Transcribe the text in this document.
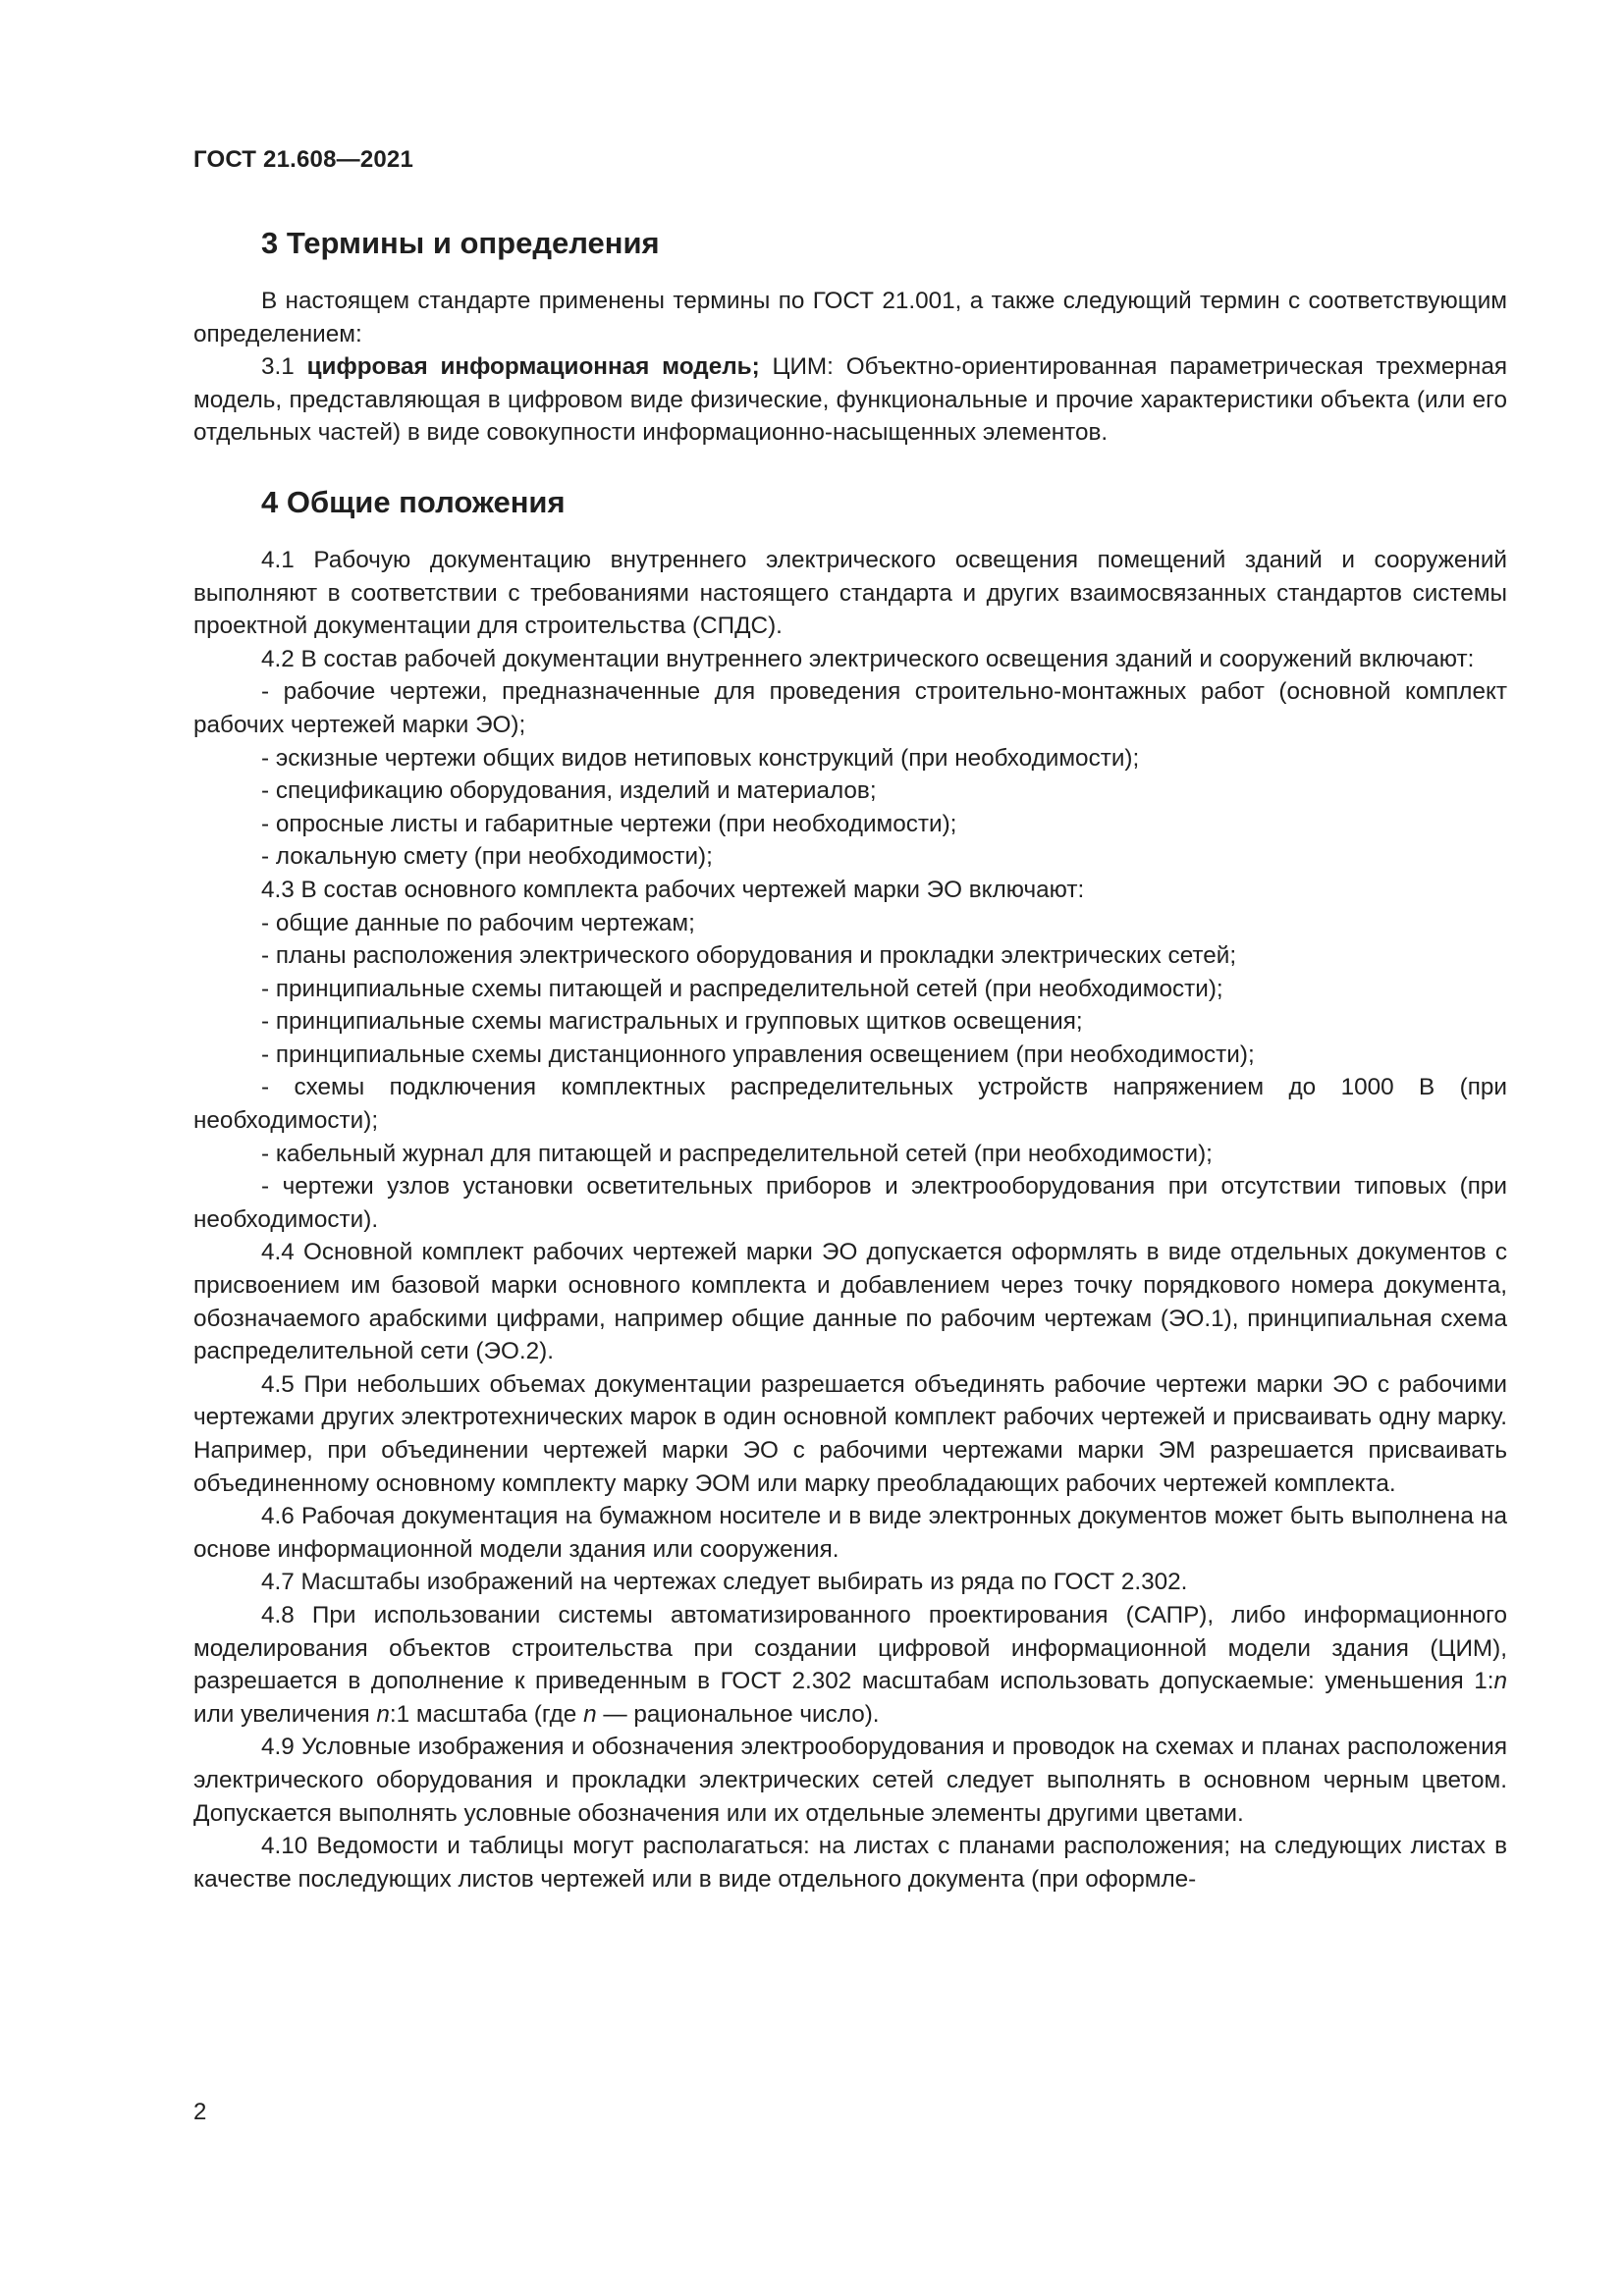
ГОСТ 21.608—2021
3 Термины и определения

В настоящем стандарте применены термины по ГОСТ 21.001, а также следующий термин с соответствующим определением:

3.1 цифровая информационная модель; ЦИМ: Объектно-ориентированная параметрическая трехмерная модель, представляющая в цифровом виде физические, функциональные и прочие характеристики объекта (или его отдельных частей) в виде совокупности информационно-насыщенных элементов.

4 Общие положения

4.1 Рабочую документацию внутреннего электрического освещения помещений зданий и сооружений выполняют в соответствии с требованиями настоящего стандарта и других взаимосвязанных стандартов системы проектной документации для строительства (СПДС).

4.2 В состав рабочей документации внутреннего электрического освещения зданий и сооружений включают:

- рабочие чертежи, предназначенные для проведения строительно-монтажных работ (основной комплект рабочих чертежей марки ЭО);

- эскизные чертежи общих видов нетиповых конструкций (при необходимости);

- спецификацию оборудования, изделий и материалов;

- опросные листы и габаритные чертежи (при необходимости);

- локальную смету (при необходимости);

4.3 В состав основного комплекта рабочих чертежей марки ЭО включают:

- общие данные по рабочим чертежам;

- планы расположения электрического оборудования и прокладки электрических сетей;

- принципиальные схемы питающей и распределительной сетей (при необходимости);

- принципиальные схемы магистральных и групповых щитков освещения;

- принципиальные схемы дистанционного управления освещением (при необходимости);

- схемы подключения комплектных распределительных устройств напряжением до 1000 В (при необходимости);

- кабельный журнал для питающей и распределительной сетей (при необходимости);

- чертежи узлов установки осветительных приборов и электрооборудования при отсутствии типовых (при необходимости).

4.4 Основной комплект рабочих чертежей марки ЭО допускается оформлять в виде отдельных документов с присвоением им базовой марки основного комплекта и добавлением через точку порядкового номера документа, обозначаемого арабскими цифрами, например общие данные по рабочим чертежам (ЭО.1), принципиальная схема распределительной сети (ЭО.2).

4.5 При небольших объемах документации разрешается объединять рабочие чертежи марки ЭО с рабочими чертежами других электротехнических марок в один основной комплект рабочих чертежей и присваивать одну марку. Например, при объединении чертежей марки ЭО с рабочими чертежами марки ЭМ разрешается присваивать объединенному основному комплекту марку ЭОМ или марку преобладающих рабочих чертежей комплекта.

4.6 Рабочая документация на бумажном носителе и в виде электронных документов может быть выполнена на основе информационной модели здания или сооружения.

4.7 Масштабы изображений на чертежах следует выбирать из ряда по ГОСТ 2.302.

4.8 При использовании системы автоматизированного проектирования (САПР), либо информационного моделирования объектов строительства при создании цифровой информационной модели здания (ЦИМ), разрешается в дополнение к приведенным в ГОСТ 2.302 масштабам использовать допускаемые: уменьшения 1:n или увеличения n:1 масштаба (где n — рациональное число).

4.9 Условные изображения и обозначения электрооборудования и проводок на схемах и планах расположения электрического оборудования и прокладки электрических сетей следует выполнять в основном черным цветом. Допускается выполнять условные обозначения или их отдельные элементы другими цветами.

4.10 Ведомости и таблицы могут располагаться: на листах с планами расположения; на следующих листах в качестве последующих листов чертежей или в виде отдельного документа (при оформле-

2
